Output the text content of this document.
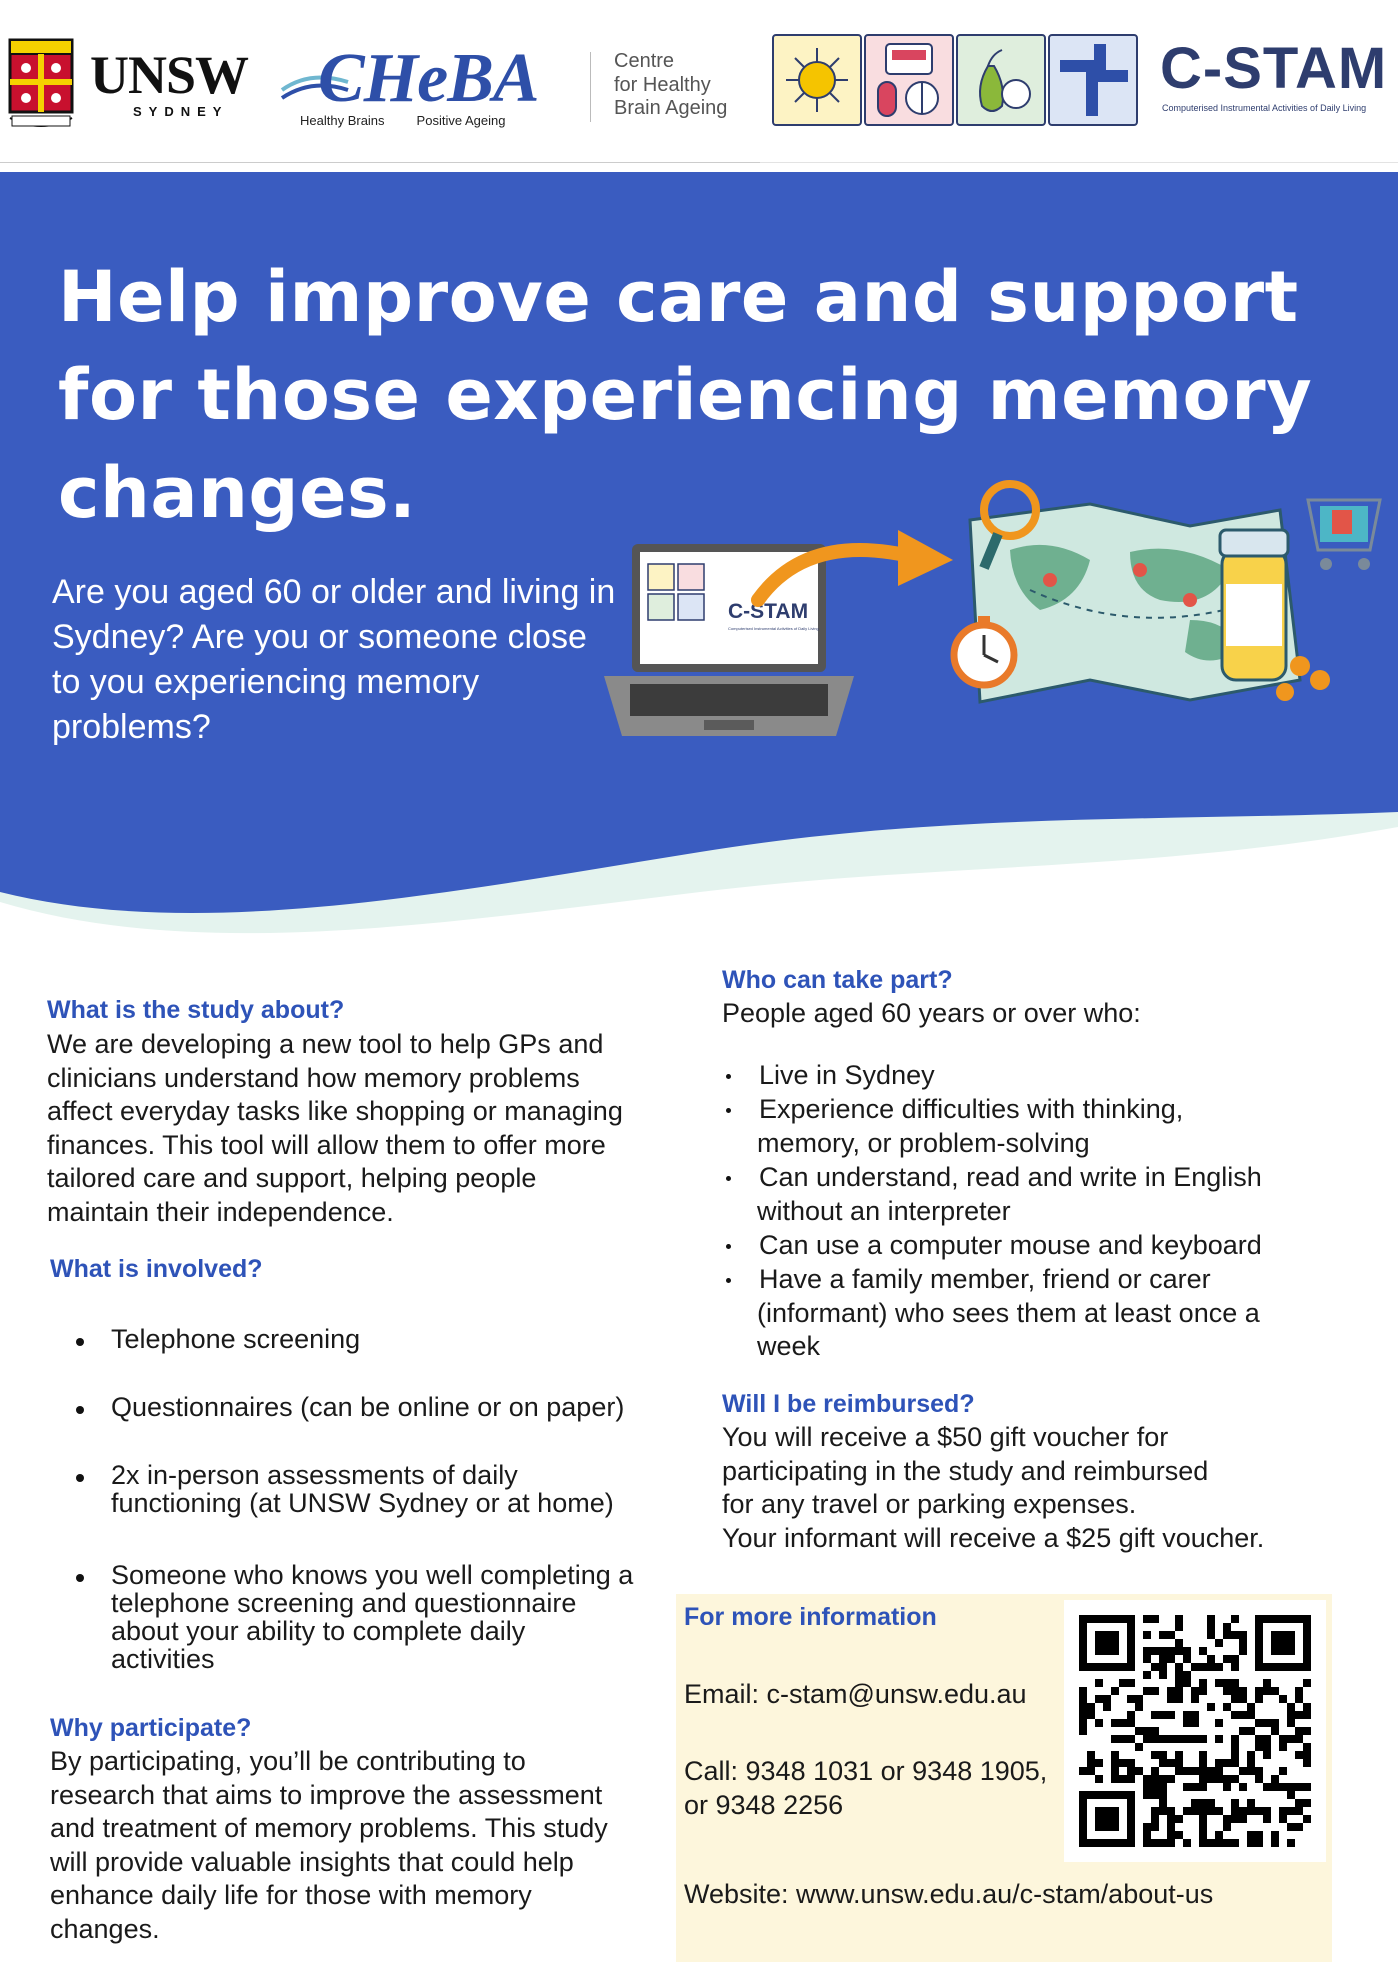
UNSW
SYDNEY CHeBA
Healthy Brains Positive Ageing
Centre
for Healthy
Brain Ageing
C-STAM
Computerised Instrumental Activities of Daily Living
Help improve care and support for those experiencing memory changes.
Are you aged 60 or older and living in Sydney? Are you or someone close to you experiencing memory problems?
C-STAM
Computerised Instrumental Activities of Daily Living
What is the study about?
We are developing a new tool to help GPs and
clinicians understand how memory problems
affect everyday tasks like shopping or managing
finances. This tool will allow them to offer more
tailored care and support, helping people
maintain their independence.
What is involved?
Telephone screening
Questionnaires (can be online or on paper)
2x in-person assessments of daily
functioning (at UNSW Sydney or at home)
Someone who knows you well completing a
telephone screening and questionnaire
about your ability to complete daily
activities
Why participate?
By participating, you’ll be contributing to
research that aims to improve the assessment
and treatment of memory problems. This study
will provide valuable insights that could help
enhance daily life for those with memory
changes.
Who can take part?
People aged 60 years or over who:
Live in Sydney
Experience difficulties with thinking,
memory, or problem-solving
Can understand, read and write in English
without an interpreter
Can use a computer mouse and keyboard
Have a family member, friend or carer
(informant) who sees them at least once a
week
Will I be reimbursed?
You will receive a $50 gift voucher for
participating in the study and reimbursed
for any travel or parking expenses.
Your informant will receive a $25 gift voucher.
For more information
Email: c-stam@unsw.edu.au
Call: 9348 1031 or 9348 1905,
or 9348 2256
Website: www.unsw.edu.au/c-stam/about-us
